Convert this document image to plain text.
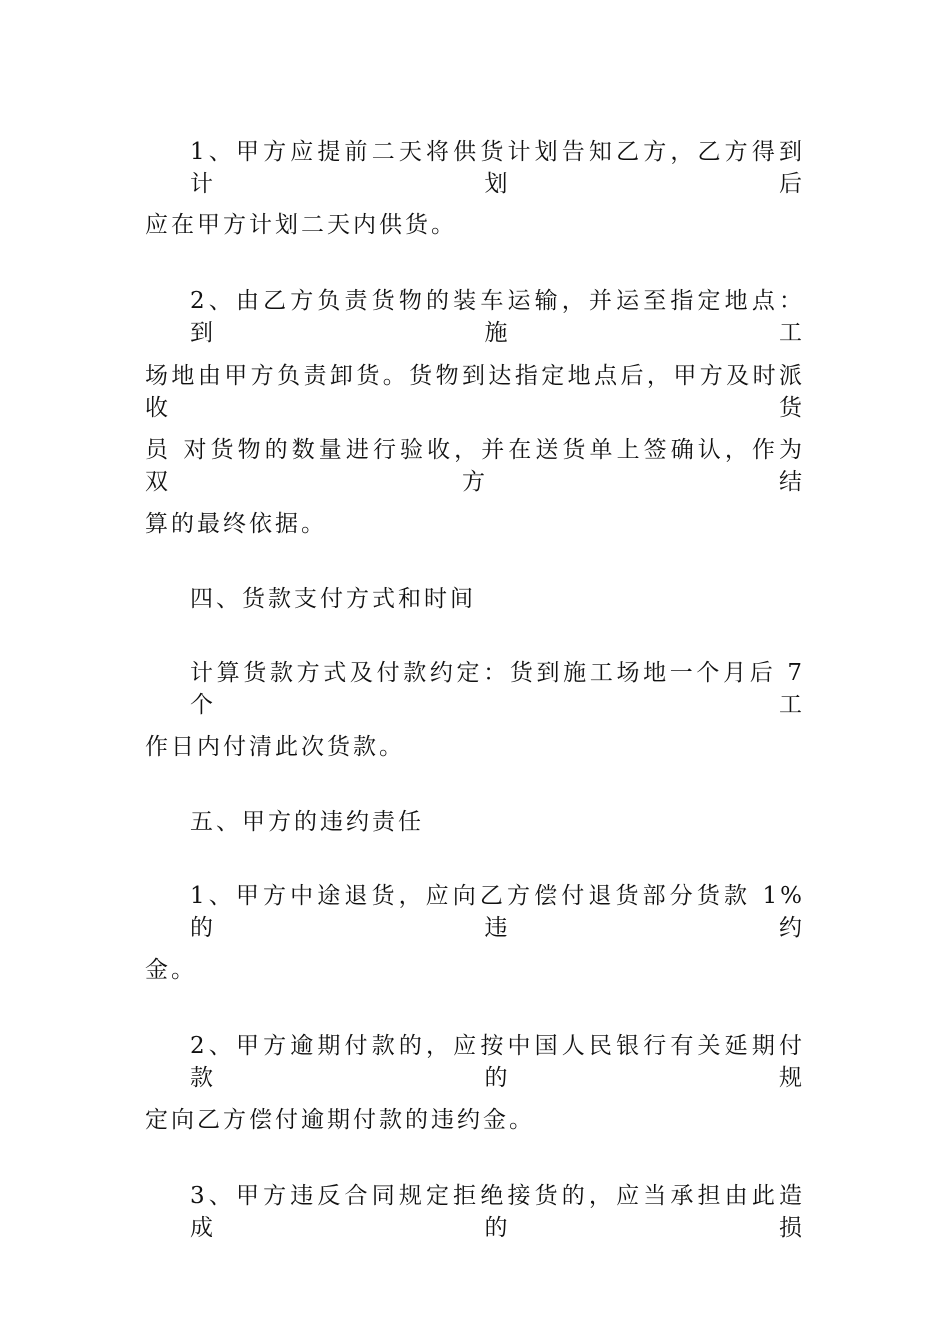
1、甲方应提前二天将供货计划告知乙方，乙方得到计划后
应在甲方计划二天内供货。
2、由乙方负责货物的装车运输，并运至指定地点：到施工
场地由甲方负责卸货。货物到达指定地点后，甲方及时派收货
员 对货物的数量进行验收，并在送货单上签确认，作为双方结
算的最终依据。
四、货款支付方式和时间
计算货款方式及付款约定：货到施工场地一个月后 7 个工
作日内付清此次货款。
五、甲方的违约责任
1、甲方中途退货，应向乙方偿付退货部分货款 1%的违约
金。
2、甲方逾期付款的，应按中国人民银行有关延期付款的规
定向乙方偿付逾期付款的违约金。
3、甲方违反合同规定拒绝接货的，应当承担由此造成的损
